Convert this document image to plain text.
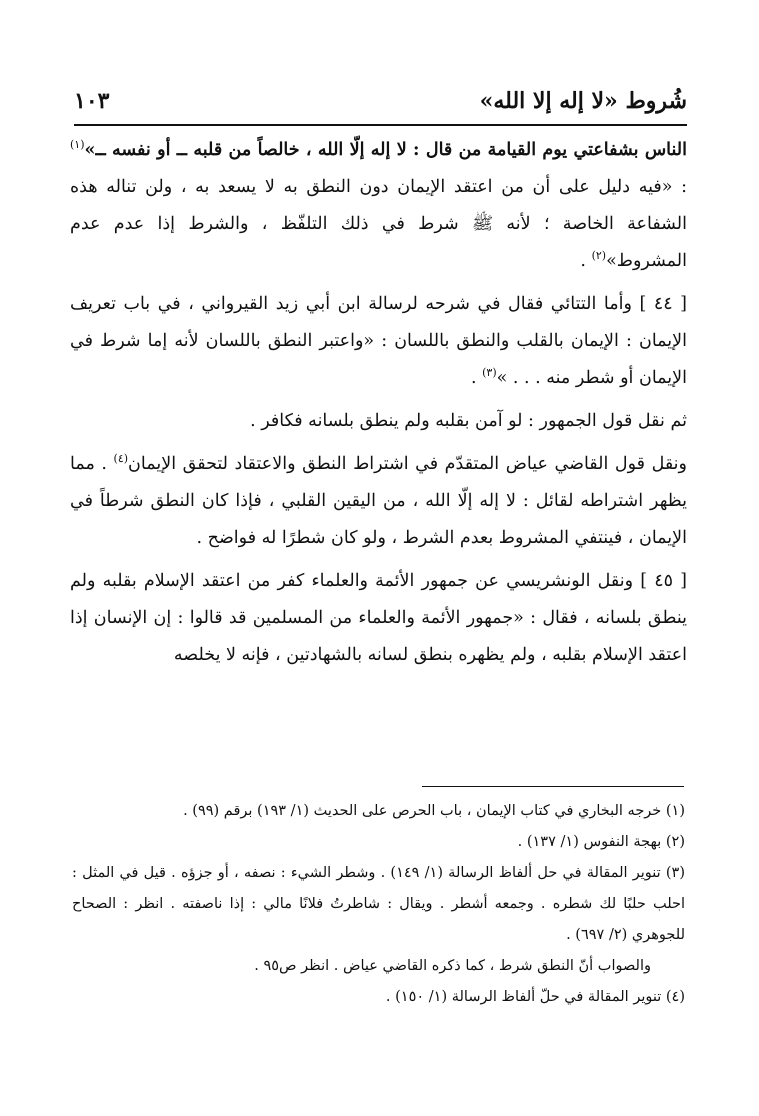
شُروط «لا إله إلا الله»
١٠٣

الناس بشفاعتي يوم القيامة من قال : لا إله إلّا الله ، خالصاً من قلبه ــ أو نفسه ــ»$^{(١)}$ : «فيه دليل على أن من اعتقد الإيمان دون النطق به لا يسعد به ، ولن تناله هذه الشفاعة الخاصة ؛ لأنه ﷺ شرط في ذلك التلفّظ ، والشرط إذا عدم عدم المشروط»$^{(٢)}$ .

[ ٤٤ ] وأما التتائي فقال في شرحه لرسالة ابن أبي زيد القيرواني ، في باب تعريف الإيمان : الإيمان بالقلب والنطق باللسان : «واعتبر النطق باللسان لأنه إما شرط في الإيمان أو شطر منه . . . »$^{(٣)}$ .

ثم نقل قول الجمهور : لو آمن بقلبه ولم ينطق بلسانه فكافر .

ونقل قول القاضي عياض المتقدّم في اشتراط النطق والاعتقاد لتحقق الإيمان$^{(٤)}$ . مما يظهر اشتراطه لقائل : لا إله إلّا الله ، من اليقين القلبي ، فإذا كان النطق شرطاً في الإيمان ، فينتفي المشروط بعدم الشرط ، ولو كان شطرًا له فواضح .

[ ٤٥ ] ونقل الونشريسي عن جمهور الأئمة والعلماء كفر من اعتقد الإسلام بقلبه ولم ينطق بلسانه ، فقال : «جمهور الأئمة والعلماء من المسلمين قد قالوا : إن الإنسان إذا اعتقد الإسلام بقلبه ، ولم يظهره بنطق لسانه بالشهادتين ، فإنه لا يخلصه

(١) خرجه البخاري في كتاب الإيمان ، باب الحرص على الحديث (١/ ١٩٣) برقم (٩٩) .

(٢) بهجة النفوس (١/ ١٣٧) .

(٣) تنوير المقالة في حل ألفاظ الرسالة (١/ ١٤٩) . وشطر الشيء : نصفه ، أو جزؤه . قيل في المثل : احلب حلبًا لك شطره . وجمعه أشطر . ويقال : شاطرتُ فلانًا مالي : إذا ناصفته . انظر : الصحاح للجوهري (٢/ ٦٩٧) .

والصواب أنّ النطق شرط ، كما ذكره القاضي عياض . انظر ص٩٥ .

(٤) تنوير المقالة في حلّ ألفاظ الرسالة (١/ ١٥٠) .
